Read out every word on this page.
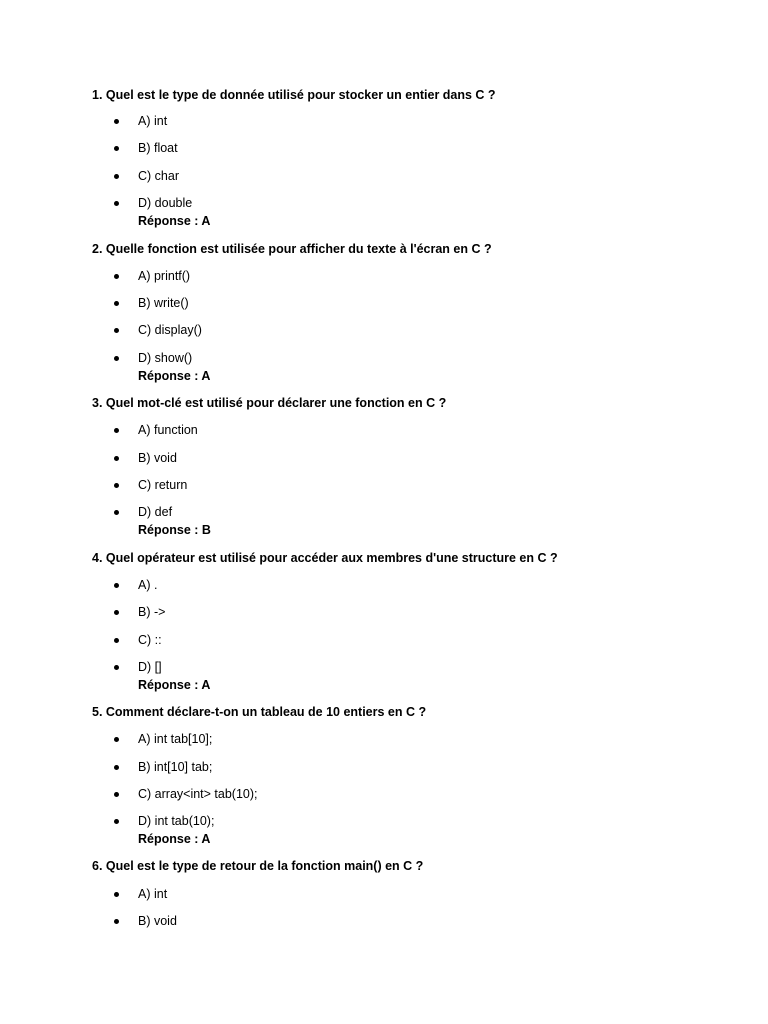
1. Quel est le type de donnée utilisé pour stocker un entier dans C ?
A) int
B) float
C) char
D) double
Réponse : A
2. Quelle fonction est utilisée pour afficher du texte à l'écran en C ?
A) printf()
B) write()
C) display()
D) show()
Réponse : A
3. Quel mot-clé est utilisé pour déclarer une fonction en C ?
A) function
B) void
C) return
D) def
Réponse : B
4. Quel opérateur est utilisé pour accéder aux membres d'une structure en C ?
A) .
B) ->
C) ::
D) []
Réponse : A
5. Comment déclare-t-on un tableau de 10 entiers en C ?
A) int tab[10];
B) int[10] tab;
C) array<int> tab(10);
D) int tab(10);
Réponse : A
6. Quel est le type de retour de la fonction main() en C ?
A) int
B) void
